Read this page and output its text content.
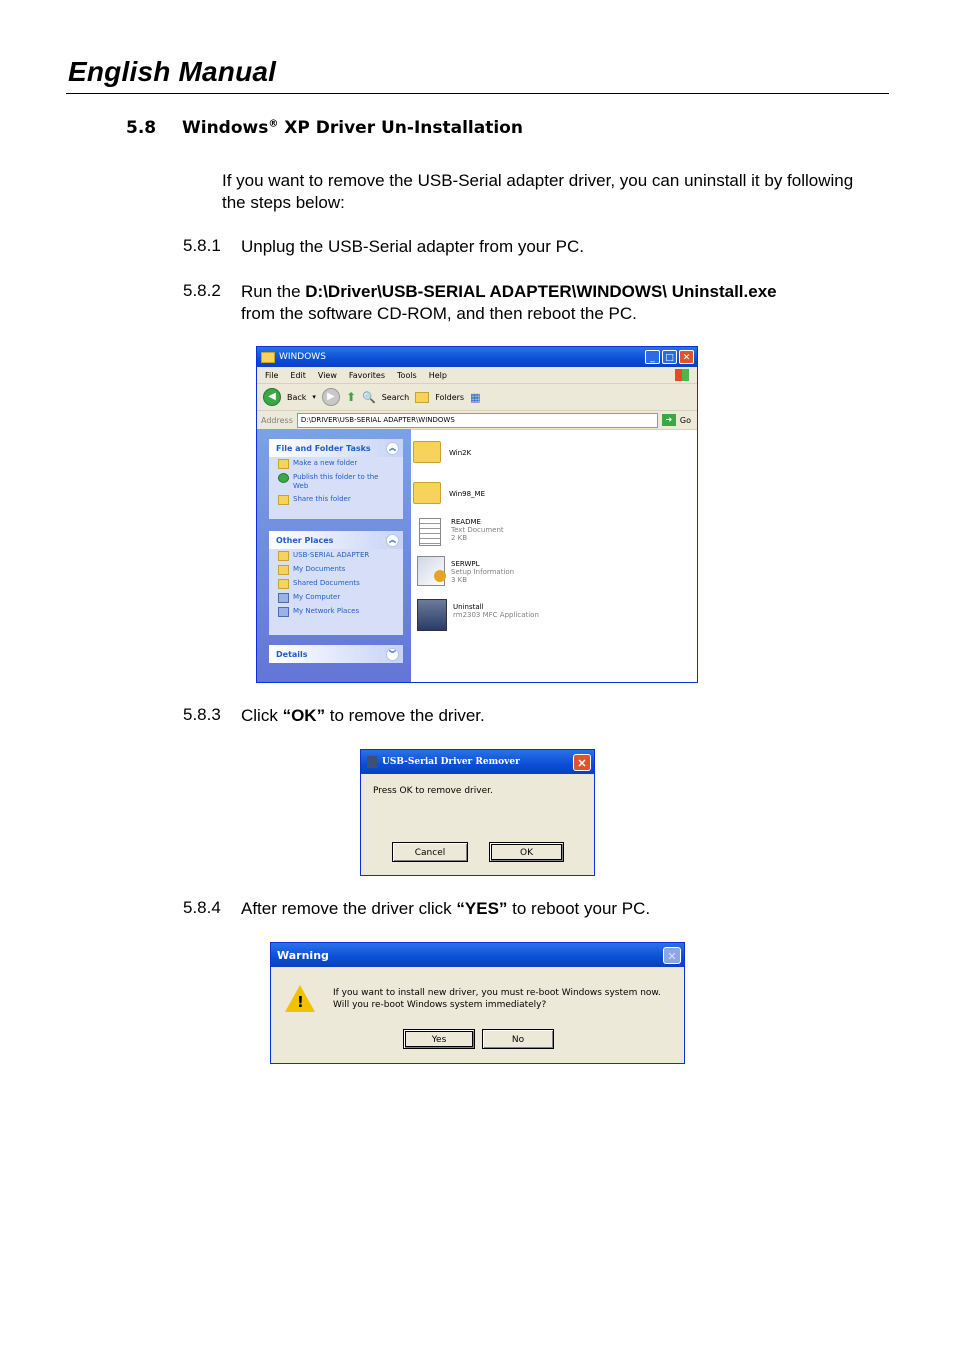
English Manual
5.8 Windows® XP Driver Un-Installation
If you want to remove the USB-Serial adapter driver, you can uninstall it by following the steps below:
5.8.1 Unplug the USB-Serial adapter from your PC.
5.8.2 Run the D:\Driver\USB-SERIAL ADAPTER\WINDOWS\ Uninstall.exe
from the software CD-ROM, and then reboot the PC.
WINDOWS	_	□ ✕
File Edit View Favorites Tools Help
◀	Back ▾	▶ ⬆ 🔍 Search	Folders ▦
Address D:\DRIVER\USB-SERIAL ADAPTER\WINDOWS	➜ Go
File and Folder Tasks	︽
Make a new folder
Publish this folder to the Web
Share this folder
Other Places	︽
USB-SERIAL ADAPTER
My Documents
Shared Documents
My Computer
My Network Places
Details	︾
Win2K
Win98_ME
README
Text Document
2 KB
SERWPL
Setup Information
3 KB
Uninstall
rm2303 MFC Application
5.8.3 Click “OK” to remove the driver.
USB-Serial Driver Remover	✕
Press OK to remove driver.
Cancel	OK
5.8.4 After remove the driver click “YES” to reboot your PC.
Warning	✕
!	If you want to install new driver, you must re-boot Windows system now.
Will you re-boot Windows system immediately?
Yes	No
